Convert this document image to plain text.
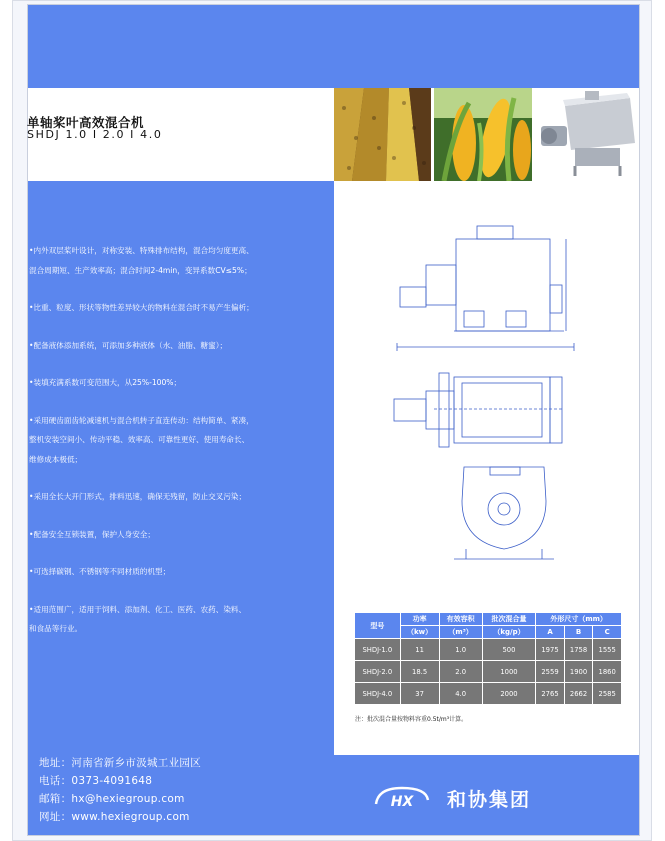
型号	功率	有效容积	批次混合量	外形尺寸（mm）		
	（kw）	（m³）	（kg/p）	A	B	C
SHDJ-1.0	11	1.0	500	1975	1758	1555
SHDJ-2.0	18.5	2.0	1000	2559	1900	1860
SHDJ-4.0	37	4.0	2000	2765	2662	2585
注：批次混合量按物料容重0.5t/m³计算。
单轴桨叶高效混合机
SHDJ 1.0 I 2.0 I 4.0
•内外双层桨叶设计，对称安装、特殊排布结构，混合均匀度更高、
混合周期短、生产效率高；混合时间2-4min，变异系数CV≤5%；
•比重、粒度、形状等物性差异较大的物料在混合时不易产生偏析；
•配备液体添加系统，可添加多种液体（水、油脂、糖蜜）；
•装填充满系数可变范围大，从25%-100%；
•采用硬齿面齿轮减速机与混合机转子直连传动：结构简单、紧凑，
整机安装空间小、传动平稳、效率高、可靠性更好、使用寿命长、
维修成本极低；
•采用全长大开门形式，排料迅速，确保无残留，防止交叉污染；
•配备安全互锁装置，保护人身安全；
•可选择碳钢、不锈钢等不同材质的机型；
•适用范围广，适用于饲料、添加剂、化工、医药、农药、染料、
和食品等行业。
地址：河南省新乡市汲城工业园区
电话：0373-4091648
邮箱：hx@hexiegroup.com
网址：www.hexiegroup.com
HX 和协集团
